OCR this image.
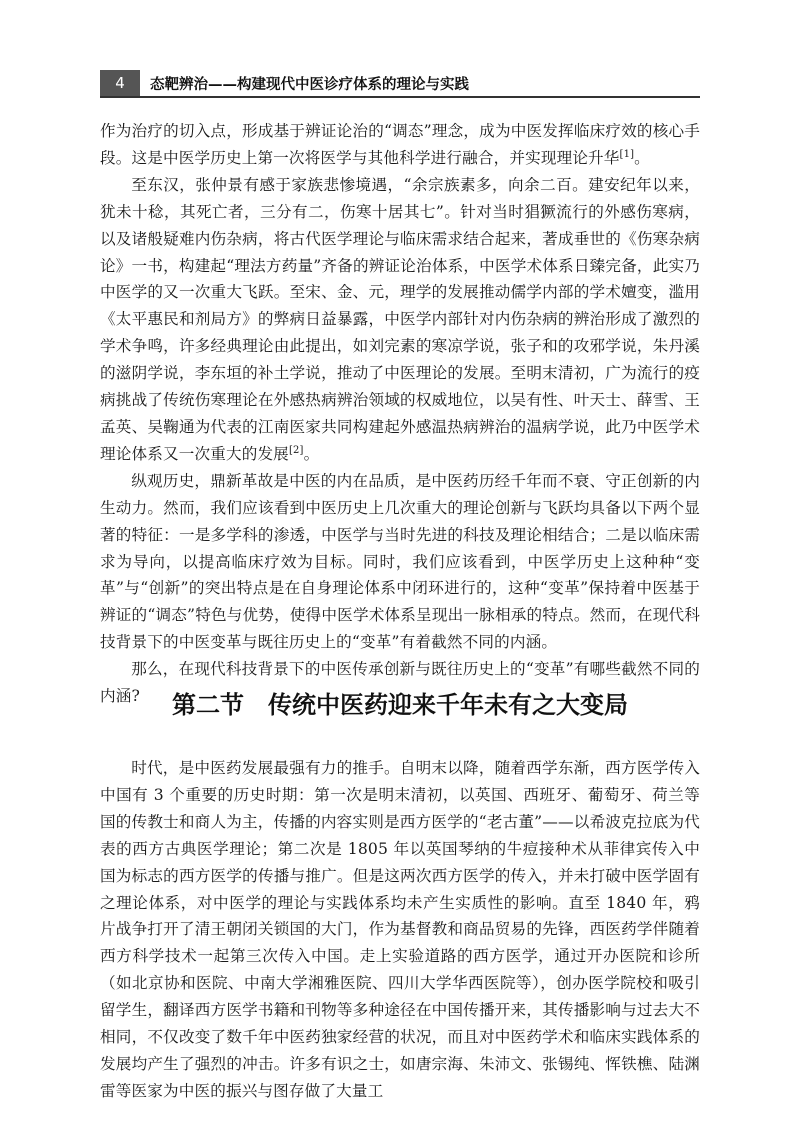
4	态靶辨治——构建现代中医诊疗体系的理论与实践

作为治疗的切入点，形成基于辨证论治的“调态”理念，成为中医发挥临床疗效的核心手段。这是中医学历史上第一次将医学与其他科学进行融合，并实现理论升华[1]。

至东汉，张仲景有感于家族悲惨境遇，“余宗族素多，向余二百。建安纪年以来，犹未十稔，其死亡者，三分有二，伤寒十居其七”。针对当时猖獗流行的外感伤寒病，以及诸般疑难内伤杂病，将古代医学理论与临床需求结合起来，著成垂世的《伤寒杂病论》一书，构建起“理法方药量”齐备的辨证论治体系，中医学术体系日臻完备，此实乃中医学的又一次重大飞跃。至宋、金、元，理学的发展推动儒学内部的学术嬗变，滥用《太平惠民和剂局方》的弊病日益暴露，中医学内部针对内伤杂病的辨治形成了激烈的学术争鸣，许多经典理论由此提出，如刘完素的寒凉学说，张子和的攻邪学说，朱丹溪的滋阴学说，李东垣的补土学说，推动了中医理论的发展。至明末清初，广为流行的疫病挑战了传统伤寒理论在外感热病辨治领域的权威地位，以吴有性、叶天士、薛雪、王孟英、吴鞠通为代表的江南医家共同构建起外感温热病辨治的温病学说，此乃中医学术理论体系又一次重大的发展[2]。

纵观历史，鼎新革故是中医的内在品质，是中医药历经千年而不衰、守正创新的内生动力。然而，我们应该看到中医历史上几次重大的理论创新与飞跃均具备以下两个显著的特征：一是多学科的渗透，中医学与当时先进的科技及理论相结合；二是以临床需求为导向，以提高临床疗效为目标。同时，我们应该看到，中医学历史上这种种“变革”与“创新”的突出特点是在自身理论体系中闭环进行的，这种“变革”保持着中医基于辨证的“调态”特色与优势，使得中医学术体系呈现出一脉相承的特点。然而，在现代科技背景下的中医变革与既往历史上的“变革”有着截然不同的内涵。

那么，在现代科技背景下的中医传承创新与既往历史上的“变革”有哪些截然不同的内涵?	第二节　传统中医药迎来千年未有之大变局

时代，是中医药发展最强有力的推手。自明末以降，随着西学东渐，西方医学传入中国有 3 个重要的历史时期：第一次是明末清初，以英国、西班牙、葡萄牙、荷兰等国的传教士和商人为主，传播的内容实则是西方医学的“老古董”——以希波克拉底为代表的西方古典医学理论；第二次是 1805 年以英国琴纳的牛痘接种术从菲律宾传入中国为标志的西方医学的传播与推广。但是这两次西方医学的传入，并未打破中医学固有之理论体系，对中医学的理论与实践体系均未产生实质性的影响。直至 1840 年，鸦片战争打开了清王朝闭关锁国的大门，作为基督教和商品贸易的先锋，西医药学伴随着西方科学技术一起第三次传入中国。走上实验道路的西方医学，通过开办医院和诊所（如北京协和医院、中南大学湘雅医院、四川大学华西医院等），创办医学院校和吸引留学生，翻译西方医学书籍和刊物等多种途径在中国传播开来，其传播影响与过去大不相同，不仅改变了数千年中医药独家经营的状况，而且对中医药学术和临床实践体系的发展均产生了强烈的冲击。许多有识之士，如唐宗海、朱沛文、张锡纯、恽铁樵、陆渊雷等医家为中医的振兴与图存做了大量工
